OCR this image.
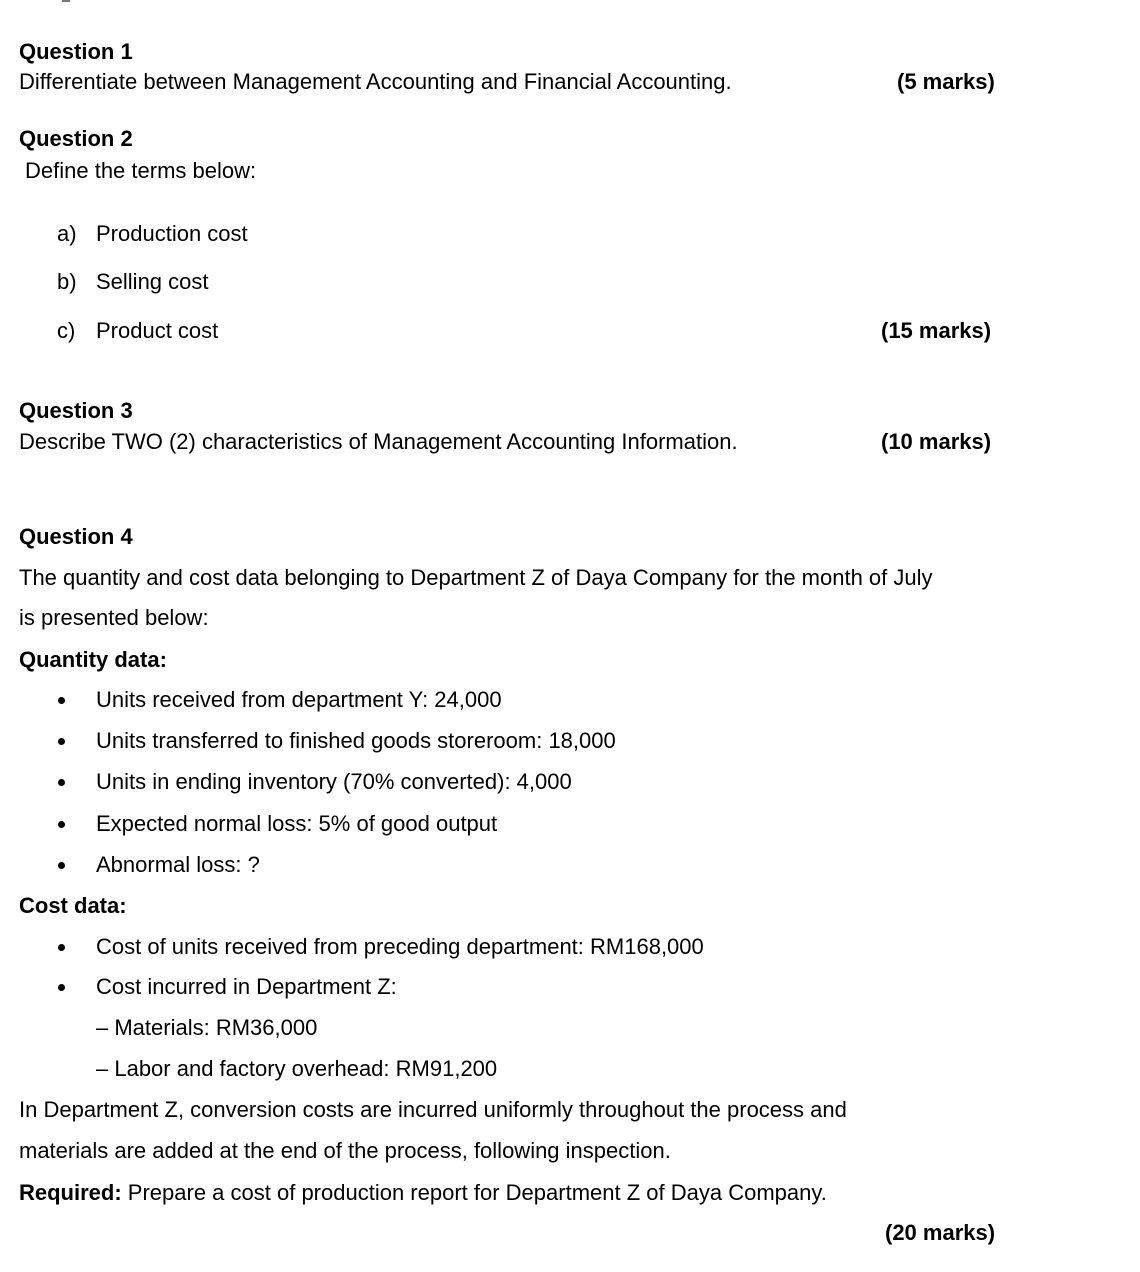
Question 1
Differentiate between Management Accounting and Financial Accounting.	(5 marks)
Question 2
Define the terms below:
a) Production cost
b) Selling cost
c) Product cost	(15 marks)
Question 3
Describe TWO (2) characteristics of Management Accounting Information.	(10 marks)
Question 4
The quantity and cost data belonging to Department Z of Daya Company for the month of July
is presented below:
Quantity data:
Units received from department Y: 24,000
Units transferred to finished goods storeroom: 18,000
Units in ending inventory (70% converted): 4,000
Expected normal loss: 5% of good output
Abnormal loss: ?
Cost data:
Cost of units received from preceding department: RM168,000
Cost incurred in Department Z:
– Materials: RM36,000
– Labor and factory overhead: RM91,200
In Department Z, conversion costs are incurred uniformly throughout the process and
materials are added at the end of the process, following inspection.
Required: Prepare a cost of production report for Department Z of Daya Company.
(20 marks)
